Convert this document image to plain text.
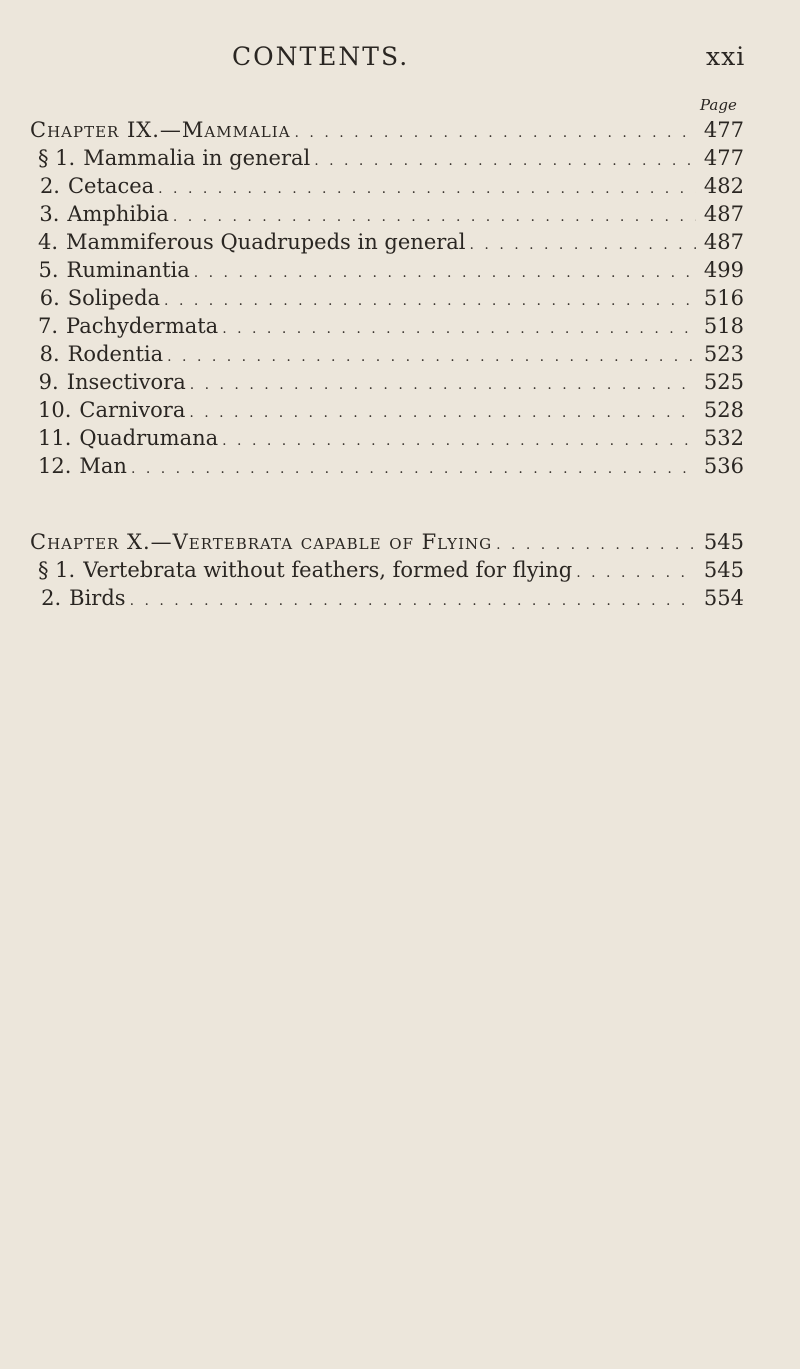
CONTENTS.	xxi
Page
Chapter IX.—Mammalia . . .	477
§ 1. Mammalia in general . . .	477
2. Cetacea . . .	482
3. Amphibia . . .	487
4. Mammiferous Quadrupeds in general . . .	487
5. Ruminantia . . .	499
6. Solipeda . . .	516
7. Pachydermata . . .	518
8. Rodentia . . .	523
9. Insectivora . . .	525
10. Carnivora . . .	528
11. Quadrumana . . .	532
12. Man . . .	536
Chapter X.—Vertebrata capable of Flying . . .	545
§ 1. Vertebrata without feathers, formed for flying . . .	545
2. Birds . . .	554
